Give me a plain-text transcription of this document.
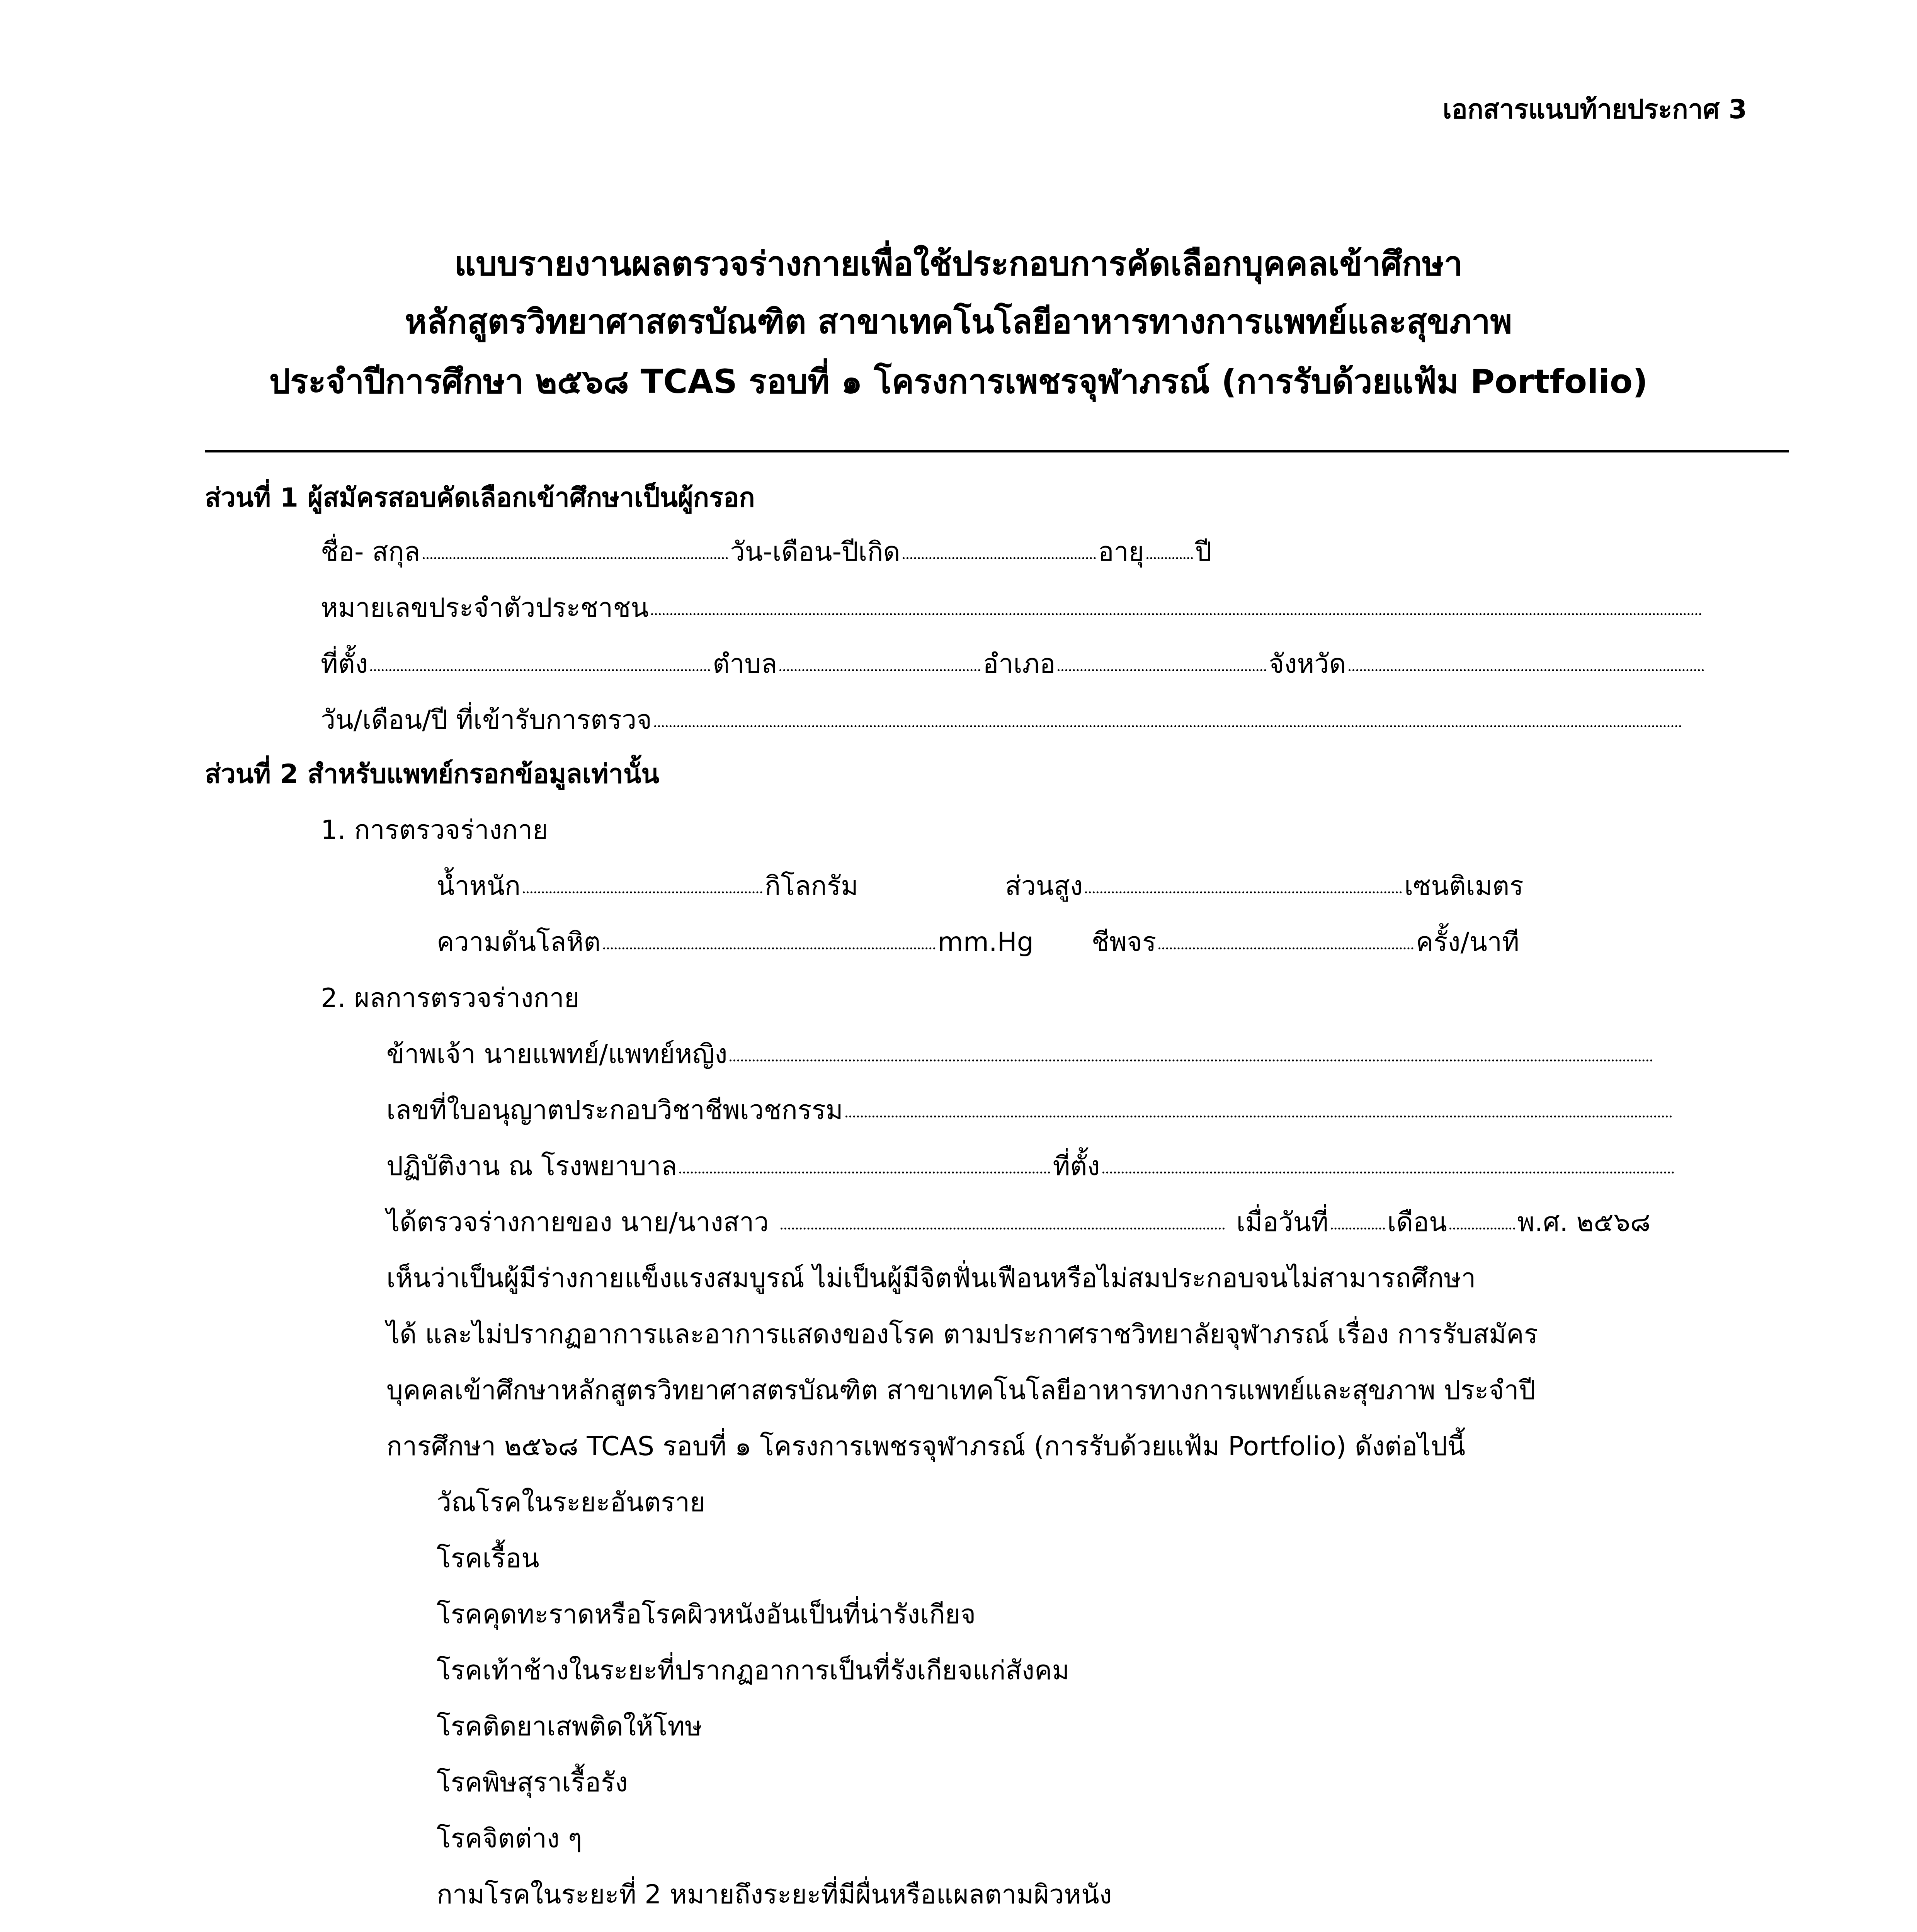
เอกสารแนบท้ายประกาศ 3
แบบรายงานผลตรวจร่างกายเพื่อใช้ประกอบการคัดเลือกบุคคลเข้าศึกษา
หลักสูตรวิทยาศาสตรบัณฑิต สาขาเทคโนโลยีอาหารทางการแพทย์และสุขภาพ
ประจำปีการศึกษา ๒๕๖๘ TCAS รอบที่ ๑ โครงการเพชรจุฬาภรณ์ (การรับด้วยแฟ้ม Portfolio)
ส่วนที่ 1 ผู้สมัครสอบคัดเลือกเข้าศึกษาเป็นผู้กรอก
ชื่อ- สกุล	วัน-เดือน-ปีเกิด	อายุ ปี
หมายเลขประจำตัวประชาชน
ที่ตั้ง	ตำบล	อำเภอ	จังหวัด
วัน/เดือน/ปี ที่เข้ารับการตรวจ
ส่วนที่ 2 สำหรับแพทย์กรอกข้อมูลเท่านั้น
1. การตรวจร่างกาย
น้ำหนัก	กิโลกรัม	ส่วนสูง	เซนติเมตร
ความดันโลหิต	mm.Hg ชีพจร	ครั้ง/นาที
2. ผลการตรวจร่างกาย
ข้าพเจ้า นายแพทย์/แพทย์หญิง
เลขที่ใบอนุญาตประกอบวิชาชีพเวชกรรม
ปฏิบัติงาน ณ โรงพยาบาล	ที่ตั้ง
ได้ตรวจร่างกายของ นาย/นางสาว	เมื่อวันที่ เดือน	พ.ศ. ๒๕๖๘
เห็นว่าเป็นผู้มีร่างกายแข็งแรงสมบูรณ์ ไม่เป็นผู้มีจิตฟั่นเฟือนหรือไม่สมประกอบจนไม่สามารถศึกษา
ได้ และไม่ปรากฏอาการและอาการแสดงของโรค ตามประกาศราชวิทยาลัยจุฬาภรณ์ เรื่อง การรับสมัคร
บุคคลเข้าศึกษาหลักสูตรวิทยาศาสตรบัณฑิต สาขาเทคโนโลยีอาหารทางการแพทย์และสุขภาพ ประจำปี
การศึกษา ๒๕๖๘ TCAS รอบที่ ๑ โครงการเพชรจุฬาภรณ์ (การรับด้วยแฟ้ม Portfolio) ดังต่อไปนี้
วัณโรคในระยะอันตราย
โรคเรื้อน
โรคคุดทะราดหรือโรคผิวหนังอันเป็นที่น่ารังเกียจ
โรคเท้าช้างในระยะที่ปรากฏอาการเป็นที่รังเกียจแก่สังคม
โรคติดยาเสพติดให้โทษ
โรคพิษสุราเรื้อรัง
โรคจิตต่าง ๆ
กามโรคในระยะที่ 2 หมายถึงระยะที่มีผื่นหรือแผลตามผิวหนัง
